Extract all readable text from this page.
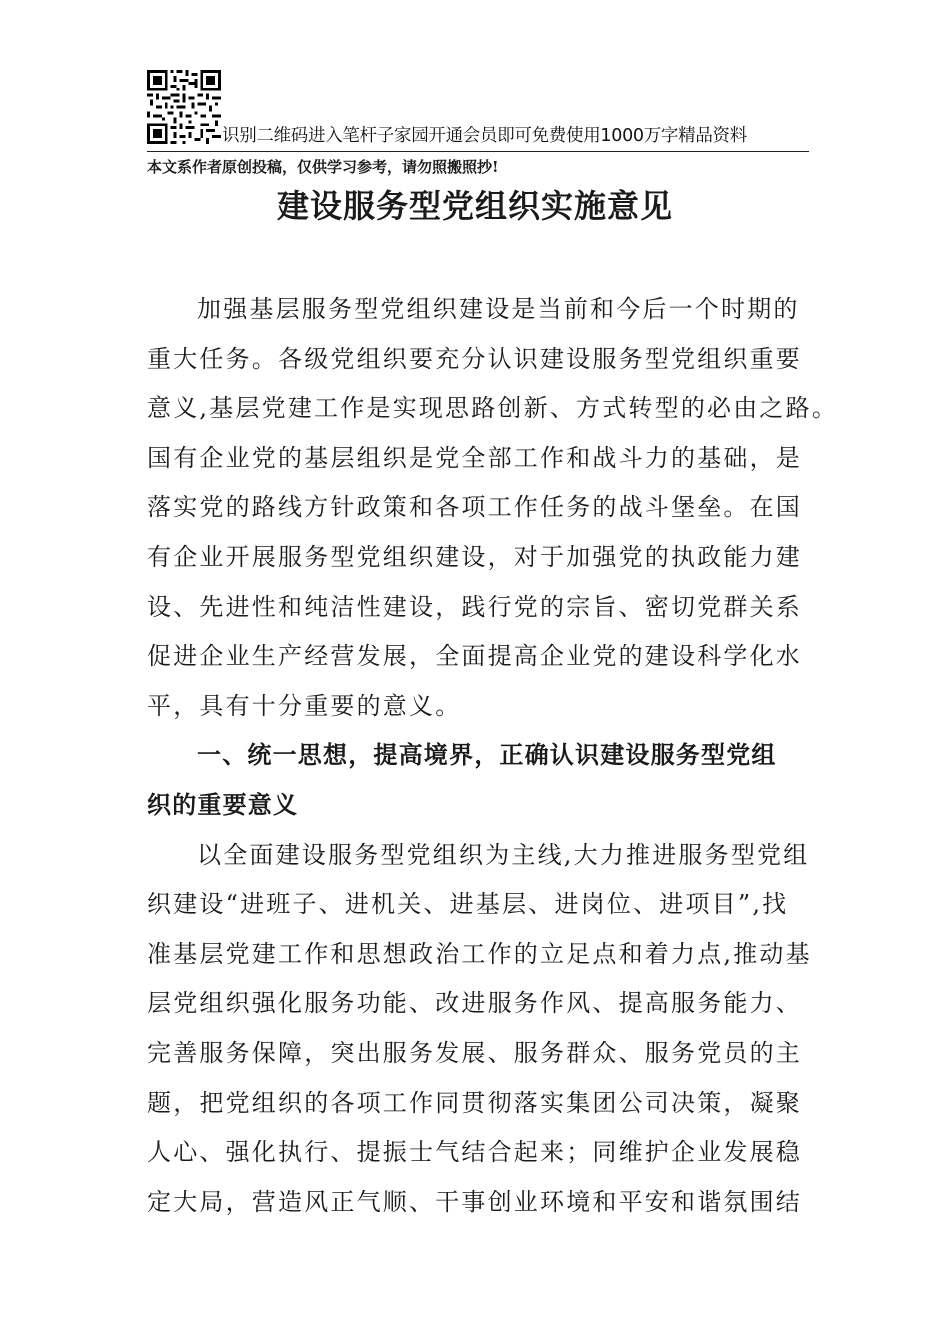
识别二维码进入笔杆子家园开通会员即可免费使用1000万字精品资料
本文系作者原创投稿，仅供学习参考，请勿照搬照抄!
建设服务型党组织实施意见
加强基层服务型党组织建设是当前和今后一个时期的
重大任务。各级党组织要充分认识建设服务型党组织重要
意义,基层党建工作是实现思路创新、方式转型的必由之路。
国有企业党的基层组织是党全部工作和战斗力的基础，是
落实党的路线方针政策和各项工作任务的战斗堡垒。在国
有企业开展服务型党组织建设，对于加强党的执政能力建
设、先进性和纯洁性建设，践行党的宗旨、密切党群关系
促进企业生产经营发展，全面提高企业党的建设科学化水
平，具有十分重要的意义。
一、统一思想，提高境界，正确认识建设服务型党组
织的重要意义
以全面建设服务型党组织为主线,大力推进服务型党组
织建设“进班子、进机关、进基层、进岗位、进项目”,找
准基层党建工作和思想政治工作的立足点和着力点,推动基
层党组织强化服务功能、改进服务作风、提高服务能力、
完善服务保障，突出服务发展、服务群众、服务党员的主
题，把党组织的各项工作同贯彻落实集团公司决策，凝聚
人心、强化执行、提振士气结合起来；同维护企业发展稳
定大局，营造风正气顺、干事创业环境和平安和谐氛围结
